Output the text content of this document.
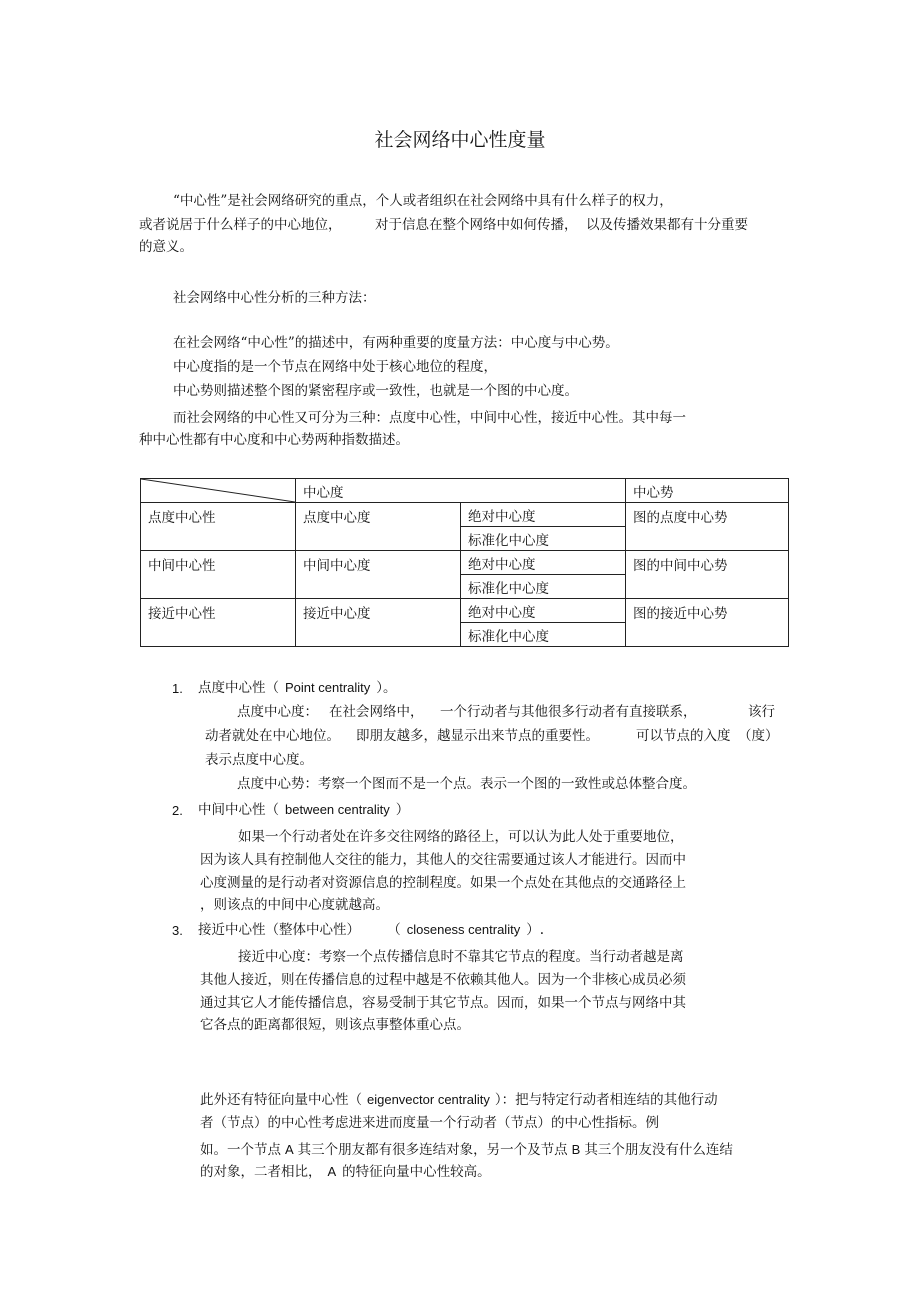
社会网络中心性度量
“中心性”是社会网络研究的重点，个人或者组织在社会网络中具有什么样子的权力，
或者说居于什么样子的中心地位， 对于信息在整个网络中如何传播， 以及传播效果都有十分重要
的意义。
社会网络中心性分析的三种方法：
在社会网络“中心性”的描述中，有两种重要的度量方法：中心度与中心势。
中心度指的是一个节点在网络中处于核心地位的程度，
中心势则描述整个图的紧密程序或一致性，也就是一个图的中心度。
而社会网络的中心性又可分为三种：点度中心性，中间中心性，接近中心性。其中每一
种中心性都有中心度和中心势两种指数描述。
	中心度		中心势
点度中心性	点度中心度	绝对中心度	图的点度中心势
		标准化中心度	
中间中心性	中间中心度	绝对中心度	图的中间中心势
		标准化中心度	
接近中心性	接近中心度	绝对中心度	图的接近中心势
		标准化中心度	
1. 点度中心性（ Point centrality ）。
点度中心度： 在社会网络中， 一个行动者与其他很多行动者有直接联系，	该行
动者就处在中心地位。 即朋友越多，越显示出来节点的重要性。	可以节点的入度 （度）
表示点度中心度。
点度中心势：考察一个图而不是一个点。表示一个图的一致性或总体整合度。
2. 中间中心性（ between centrality ）
如果一个行动者处在许多交往网络的路径上，可以认为此人处于重要地位，
因为该人具有控制他人交往的能力，其他人的交往需要通过该人才能进行。因而中
心度测量的是行动者对资源信息的控制程度。如果一个点处在其他点的交通路径上
，则该点的中间中心度就越高。
3. 接近中心性（整体中心性）	（ closeness centrality ）.
接近中心度：考察一个点传播信息时不靠其它节点的程度。当行动者越是离
其他人接近，则在传播信息的过程中越是不依赖其他人。因为一个非核心成员必须
通过其它人才能传播信息，容易受制于其它节点。因而，如果一个节点与网络中其
它各点的距离都很短，则该点事整体重心点。
此外还有特征向量中心性（ eigenvector centrality ）：把与特定行动者相连结的其他行动
者（节点）的中心性考虑进来进而度量一个行动者（节点）的中心性指标。例
如。一个节点 A 其三个朋友都有很多连结对象，另一个及节点 B 其三个朋友没有什么连结
的对象，二者相比， A 的特征向量中心性较高。
